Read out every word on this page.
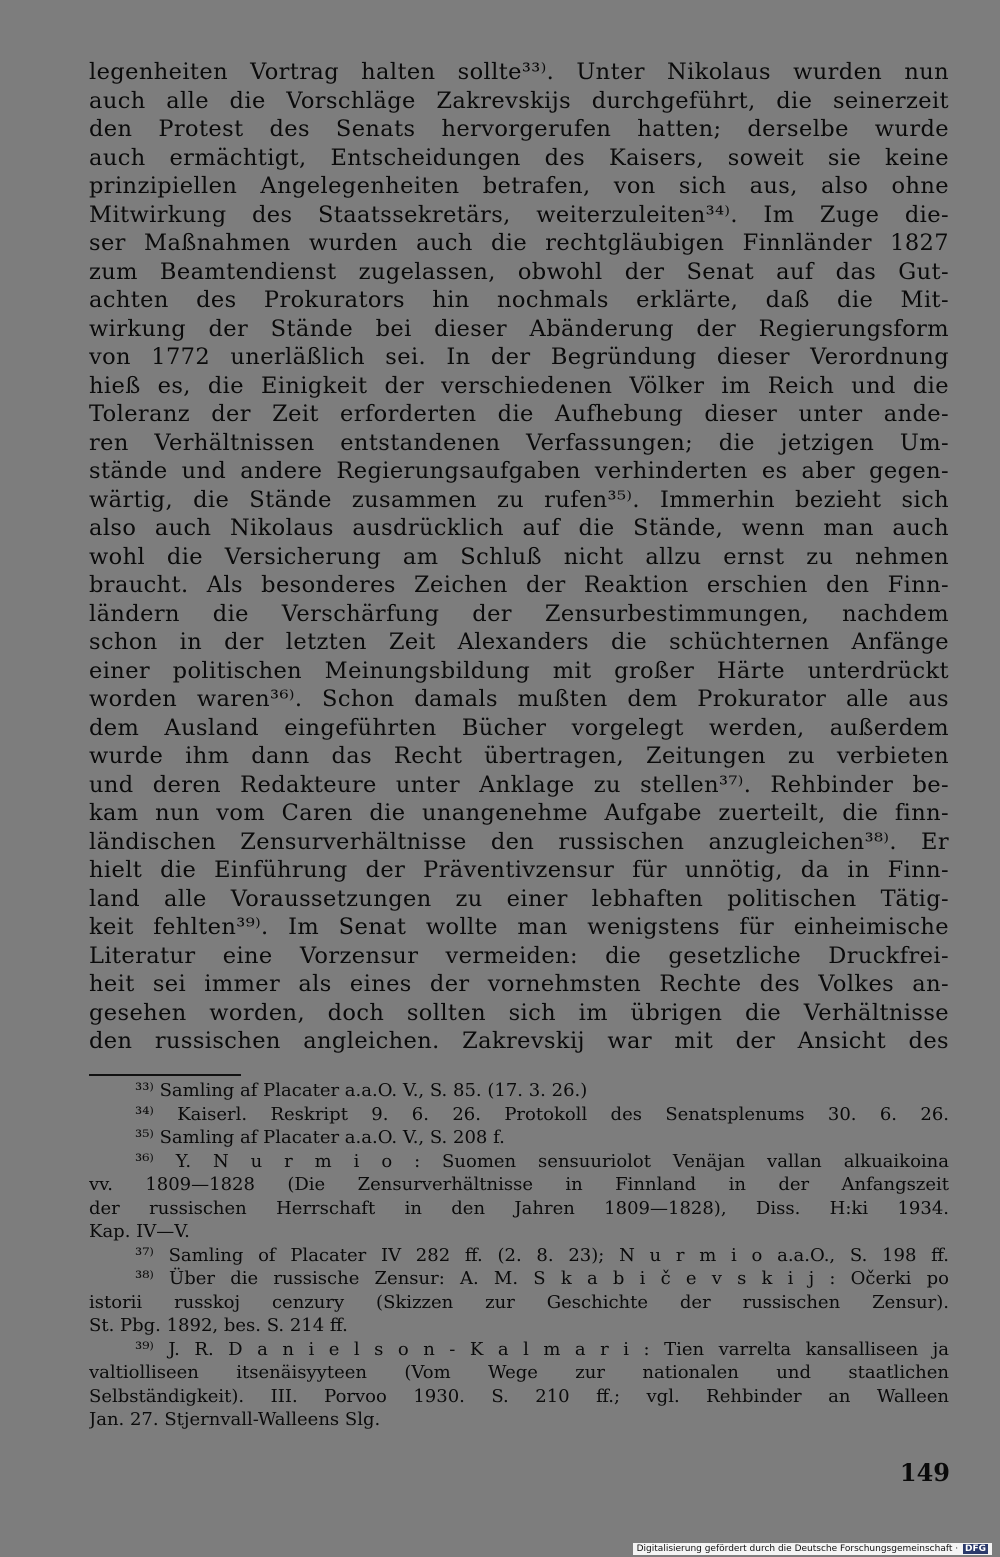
legenheiten Vortrag halten sollte³³⁾. Unter Nikolaus wurden nun
auch alle die Vorschläge Zakrevskijs durchgeführt, die seinerzeit
den Protest des Senats hervorgerufen hatten; derselbe wurde
auch ermächtigt, Entscheidungen des Kaisers, soweit sie keine
prinzipiellen Angelegenheiten betrafen, von sich aus, also ohne
Mitwirkung des Staatssekretärs, weiterzuleiten³⁴⁾. Im Zuge die-
ser Maßnahmen wurden auch die rechtgläubigen Finnländer 1827
zum Beamtendienst zugelassen, obwohl der Senat auf das Gut-
achten des Prokurators hin nochmals erklärte, daß die Mit-
wirkung der Stände bei dieser Abänderung der Regierungsform
von 1772 unerläßlich sei. In der Begründung dieser Verordnung
hieß es, die Einigkeit der verschiedenen Völker im Reich und die
Toleranz der Zeit erforderten die Aufhebung dieser unter ande-
ren Verhältnissen entstandenen Verfassungen; die jetzigen Um-
stände und andere Regierungsaufgaben verhinderten es aber gegen-
wärtig, die Stände zusammen zu rufen³⁵⁾. Immerhin bezieht sich
also auch Nikolaus ausdrücklich auf die Stände, wenn man auch
wohl die Versicherung am Schluß nicht allzu ernst zu nehmen
braucht. Als besonderes Zeichen der Reaktion erschien den Finn-
ländern die Verschärfung der Zensurbestimmungen, nachdem
schon in der letzten Zeit Alexanders die schüchternen Anfänge
einer politischen Meinungsbildung mit großer Härte unterdrückt
worden waren³⁶⁾. Schon damals mußten dem Prokurator alle aus
dem Ausland eingeführten Bücher vorgelegt werden, außerdem
wurde ihm dann das Recht übertragen, Zeitungen zu verbieten
und deren Redakteure unter Anklage zu stellen³⁷⁾. Rehbinder be-
kam nun vom Caren die unangenehme Aufgabe zuerteilt, die finn-
ländischen Zensurverhältnisse den russischen anzugleichen³⁸⁾. Er
hielt die Einführung der Präventivzensur für unnötig, da in Finn-
land alle Voraussetzungen zu einer lebhaften politischen Tätig-
keit fehlten³⁹⁾. Im Senat wollte man wenigstens für einheimische
Literatur eine Vorzensur vermeiden: die gesetzliche Druckfrei-
heit sei immer als eines der vornehmsten Rechte des Volkes an-
gesehen worden, doch sollten sich im übrigen die Verhältnisse
den russischen angleichen. Zakrevskij war mit der Ansicht des
³³⁾ Samling af Placater a.a.O. V., S. 85. (17. 3. 26.)
³⁴⁾ Kaiserl. Reskript 9. 6. 26. Protokoll des Senatsplenums 30. 6. 26.
³⁵⁾ Samling af Placater a.a.O. V., S. 208 f.
³⁶⁾ Y. N u r m i o : Suomen sensuuriolot Venäjan vallan alkuaikoina
vv. 1809—1828 (Die Zensurverhältnisse in Finnland in der Anfangszeit
der russischen Herrschaft in den Jahren 1809—1828), Diss. H:ki 1934.
Kap. IV—V.
³⁷⁾ Samling of Placater IV 282 ff. (2. 8. 23); N u r m i o a.a.O., S. 198 ff.
³⁸⁾ Über die russische Zensur: A. M. S k a b i č e v s k i j : Očerki po
istorii russkoj cenzury (Skizzen zur Geschichte der russischen Zensur).
St. Pbg. 1892, bes. S. 214 ff.
³⁹⁾ J. R. D a n i e l s o n - K a l m a r i : Tien varrelta kansalliseen ja
valtiolliseen itsenäisyyteen (Vom Wege zur nationalen und staatlichen
Selbständigkeit). III. Porvoo 1930. S. 210 ff.; vgl. Rehbinder an Walleen
Jan. 27. Stjernvall-Walleens Slg.
149
Digitalisierung gefördert durch die Deutsche Forschungsgemeinschaft · DFG
